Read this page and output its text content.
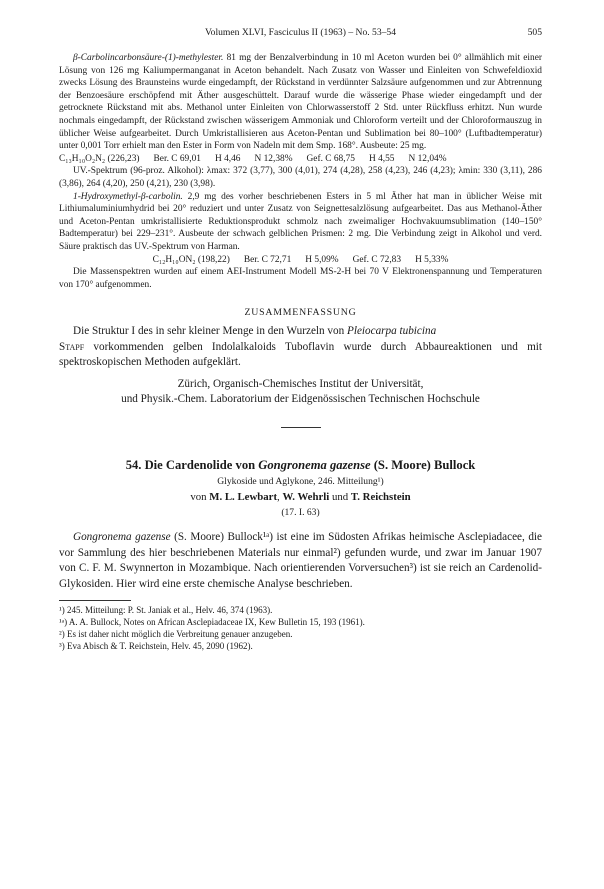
Volumen XLVI, Fasciculus II (1963) – No. 53–54	505

β-Carbolincarbonsäure-(1)-methylester. 81 mg der Benzalverbindung in 10 ml Aceton wurden bei 0° allmählich mit einer Lösung von 126 mg Kaliumpermanganat in Aceton behandelt. Nach Zusatz von Wasser und Einleiten von Schwefeldioxid zwecks Lösung des Braunsteins wurde eingedampft, der Rückstand in verdünnter Salzsäure aufgenommen und zur Abtrennung der Benzoesäure erschöpfend mit Äther ausgeschüttelt. Darauf wurde die wässerige Phase wieder eingedampft und der getrocknete Rückstand mit abs. Methanol unter Einleiten von Chlorwasserstoff 2 Std. unter Rückfluss erhitzt. Nun wurde nochmals eingedampft, der Rückstand zwischen wässerigem Ammoniak und Chloroform verteilt und der Chloroformauszug in üblicher Weise aufgearbeitet. Durch Umkristallisieren aus Aceton-Pentan und Sublimation bei 80–100° (Luftbadtemperatur) unter 0,001 Torr erhielt man den Ester in Form von Nadeln mit dem Smp. 168°. Ausbeute: 25 mg.

C₁₃H₁₀O₂N₂ (226,23) Ber. C 69,01 H 4,46 N 12,38% Gef. C 68,75 H 4,55 N 12,04%

UV.-Spektrum (96-proz. Alkohol): λmax: 372 (3,77), 300 (4,01), 274 (4,28), 258 (4,23), 246 (4,23); λmin: 330 (3,11), 286 (3,86), 264 (4,20), 250 (4,21), 230 (3,98).

1-Hydroxymethyl-β-carbolin. 2,9 mg des vorher beschriebenen Esters in 5 ml Äther hat man in üblicher Weise mit Lithiumaluminiumhydrid bei 20° reduziert und unter Zusatz von Seignettesalzlösung aufgearbeitet. Das aus Methanol-Äther und Aceton-Pentan umkristallisierte Reduktionsprodukt schmolz nach zweimaliger Hochvakuumsublimation (140–150° Badtemperatur) bei 229–231°. Ausbeute der schwach gelblichen Prismen: 2 mg. Die Verbindung zeigt in Alkohol und verd. Säure praktisch das UV.-Spektrum von Harman.

C₁₂H₁₀ON₂ (198,22) Ber. C 72,71 H 5,09% Gef. C 72,83 H 5,33%

Die Massenspektren wurden auf einem AEI-Instrument Modell MS-2-H bei 70 V Elektronenspannung und Temperaturen von 170° aufgenommen.

ZUSAMMENFASSUNG

Die Struktur I des in sehr kleiner Menge in den Wurzeln von Pleiocarpa tubicina
Stapf vorkommenden gelben Indolalkaloids Tuboflavin wurde durch Abbaureaktionen und mit spektroskopischen Methoden aufgeklärt.

Zürich, Organisch-Chemisches Institut der Universität,
und Physik.-Chem. Laboratorium der Eidgenössischen Technischen Hochschule

54. Die Cardenolide von Gongronema gazense (S. Moore) Bullock

Glykoside und Aglykone, 246. Mitteilung¹)

von M. L. Lewbart, W. Wehrli und T. Reichstein

(17. I. 63)

Gongronema gazense (S. Moore) Bullock¹ᵃ) ist eine im Südosten Afrikas heimische Asclepiadacee, die vor Sammlung des hier beschriebenen Materials nur einmal²) gefunden wurde, und zwar im Januar 1907 von C. F. M. Swynnerton in Mozambique. Nach orientierenden Vorversuchen³) ist sie reich an Cardenolid-Glykosiden. Hier wird eine erste chemische Analyse beschrieben.

¹) 245. Mitteilung: P. St. Janiak et al., Helv. 46, 374 (1963).

¹ᵃ) A. A. Bullock, Notes on African Asclepiadaceae IX, Kew Bulletin 15, 193 (1961).

²) Es ist daher nicht möglich die Verbreitung genauer anzugeben.

³) Eva Abisch & T. Reichstein, Helv. 45, 2090 (1962).
